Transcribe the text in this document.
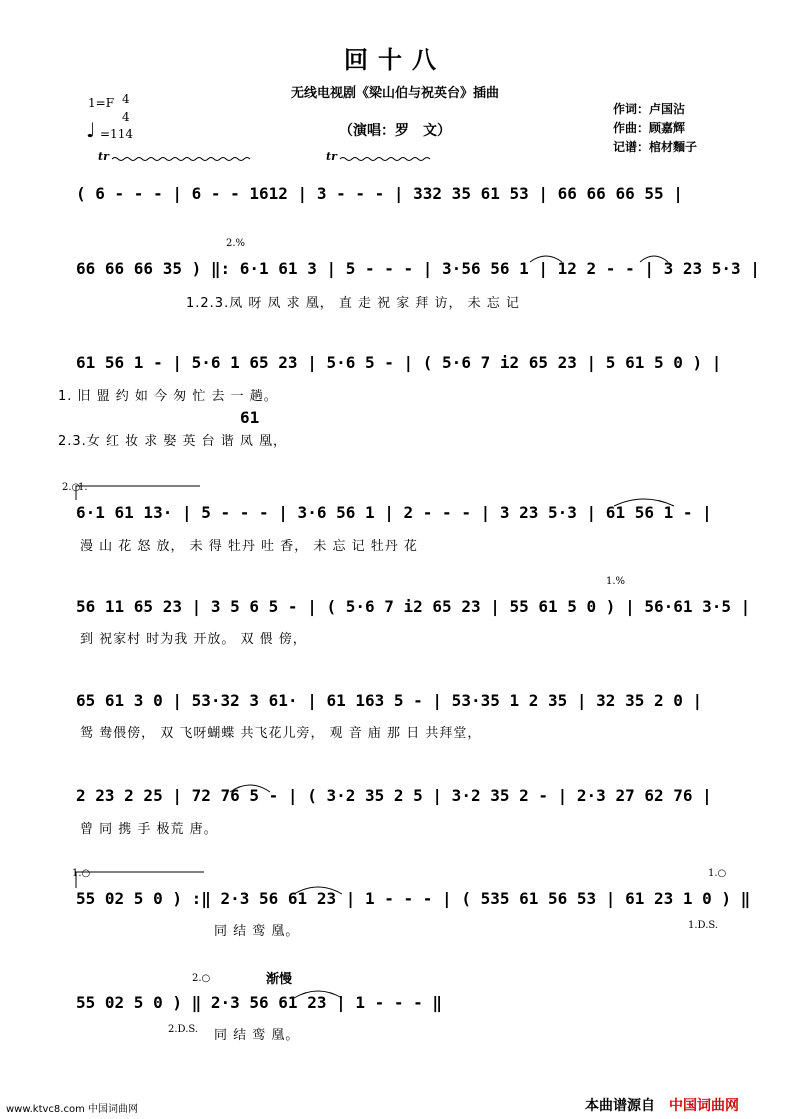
回十八
无线电视剧《梁山伯与祝英台》插曲
（演唱：罗　文）
1=F 4
4
♩ =114
作词：卢国沾
作曲：顾嘉辉
记谱：棺材麵子
tr	tr
( 6 - - - | 6 - - 1612 | 3 - - - | 332 35 61 53 | 66 66 66 55 |
2.%
66 66 66 35 ) ‖: 6·1 61 3 | 5 - - - | 3·56 56 1 | 12 2 - - | 3 23 5·3 |
1.2.3.凤 呀 凤 求 凰， 直 走 祝 家 拜 访， 未 忘 记
61
61 56 1 - | 5·6 1 65 23 | 5·6 5 - | ( 5·6 7 i2 65 23 | 5 61 5 0 ) |
1. 旧 盟 约 如 今 匆 忙 去 一 趟。
2.3.女 红 妆 求 娶 英 台 谐 凤 凰，
2.○
1.
6·1 61 13· | 5 - - - | 3·6 56 1 | 2 - - - | 3 23 5·3 | 61 56 1 - |
漫 山 花 怒 放， 未 得 牡丹 吐 香， 未 忘 记 牡丹 花
1.%
56 11 65 23 | 3 5 6 5 - | ( 5·6 7 i2 65 23 | 55 61 5 0 ) | 56·61 3·5 |
到 祝家村 时为我 开放。 双 偎 傍，
65 61 3 0 | 53·32 3 61· | 61 163 5 - | 53·35 1 2 35 | 32 35 2 0 |
鸳 鸯偎傍， 双 飞呀蝴蝶 共飞花儿旁， 观 音 庙 那 日 共拜堂，
2 23 2 25 | 72 76 5 - | ( 3·2 35 2 5 | 3·2 35 2 - | 2·3 27 62 76 |
曾 同 携 手 极荒 唐。
1.○	1.○
55 02 5 0 ) :‖ 2·3 56 61 23 | 1 - - - | ( 535 61 56 53 | 61 23 1 0 ) ‖
同 结 鸾 凰。	1.D.S.
2.○	渐慢
55 02 5 0 ) ‖ 2·3 56 61 23 | 1 - - - ‖
2.D.S. 同 结 鸾 凰。
www.ktvc8.com 中国词曲网	本曲谱源自 中国词曲网
